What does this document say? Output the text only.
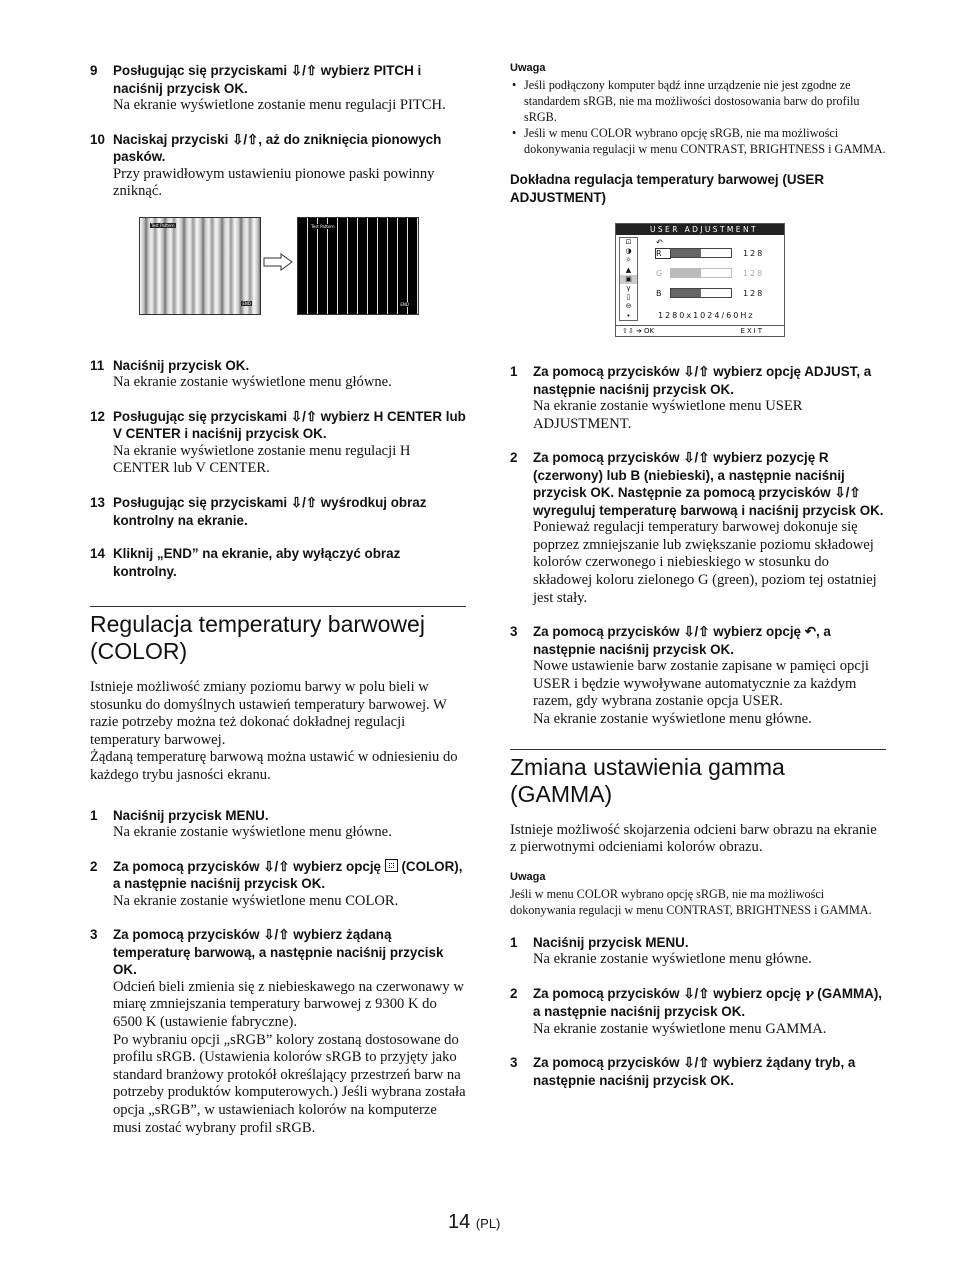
9	Posługując się przyciskami ⇩/⇧ wybierz PITCH i naciśnij przycisk OK.
Na ekranie wyświetlone zostanie menu regulacji PITCH.
10 Naciskaj przyciski ⇩/⇧, aż do zniknięcia pionowych pasków.
Przy prawidłowym ustawieniu pionowe paski powinny zniknąć.
Test Pattern
END
Test Pattern
END
11 Naciśnij przycisk OK.
Na ekranie zostanie wyświetlone menu główne.
12 Posługując się przyciskami ⇩/⇧ wybierz H CENTER lub V CENTER i naciśnij przycisk OK.
Na ekranie wyświetlone zostanie menu regulacji H CENTER lub V CENTER.
13 Posługując się przyciskami ⇩/⇧ wyśrodkuj obraz kontrolny na ekranie.
14 Kliknij „END” na ekranie, aby wyłączyć obraz kontrolny.
Regulacja temperatury barwowej (COLOR)
Istnieje możliwość zmiany poziomu barwy w polu bieli w stosunku do domyślnych ustawień temperatury barwowej. W razie potrzeby można też dokonać dokładnej regulacji temperatury barwowej.
Żądaną temperaturę barwową można ustawić w odniesieniu do każdego trybu jasności ekranu.
1	Naciśnij przycisk MENU.
Na ekranie zostanie wyświetlone menu główne.
2	Za pomocą przycisków ⇩/⇧ wybierz opcję  (COLOR), a następnie naciśnij przycisk OK.
Na ekranie zostanie wyświetlone menu COLOR.
3	Za pomocą przycisków ⇩/⇧ wybierz żądaną temperaturę barwową, a następnie naciśnij przycisk OK.
Odcień bieli zmienia się z niebieskawego na czerwonawy w miarę zmniejszania temperatury barwowej z 9300 K do 6500 K (ustawienie fabryczne).
Po wybraniu opcji „sRGB” kolory zostaną dostosowane do profilu sRGB. (Ustawienia kolorów sRGB to przyjęty jako standard branżowy protokół określający przestrzeń barw na potrzeby produktów komputerowych.) Jeśli wybrana została opcja „sRGB”, w ustawieniach kolorów na komputerze musi zostać wybrany profil sRGB.
Uwaga
• Jeśli podłączony komputer bądź inne urządzenie nie jest zgodne ze standardem sRGB, nie ma możliwości dostosowania barw do profilu sRGB.
• Jeśli w menu COLOR wybrano opcję sRGB, nie ma możliwości dokonywania regulacji w menu CONTRAST, BRIGHTNESS i GAMMA.
Dokładna regulacja temperatury barwowej (USER ADJUSTMENT)
USER ADJUSTMENT
⊡
◑
☼
▲
▣
γ
▯
⊖
•
↶
R	128
G	128
B	128
1280x1024/60Hz
⇧⇩ ➔ OK	EXIT
1	Za pomocą przycisków ⇩/⇧ wybierz opcję ADJUST, a następnie naciśnij przycisk OK.
Na ekranie zostanie wyświetlone menu USER ADJUSTMENT.
2	Za pomocą przycisków ⇩/⇧ wybierz pozycję R (czerwony) lub B (niebieski), a następnie naciśnij przycisk OK. Następnie za pomocą przycisków ⇩/⇧ wyreguluj temperaturę barwową i naciśnij przycisk OK.
Ponieważ regulacji temperatury barwowej dokonuje się poprzez zmniejszanie lub zwiększanie poziomu składowej kolorów czerwonego i niebieskiego w stosunku do składowej koloru zielonego G (green), poziom tej ostatniej jest stały.
3	Za pomocą przycisków ⇩/⇧ wybierz opcję ↶, a następnie naciśnij przycisk OK.
Nowe ustawienie barw zostanie zapisane w pamięci opcji USER i będzie wywoływane automatycznie za każdym razem, gdy wybrana zostanie opcja USER.
Na ekranie zostanie wyświetlone menu główne.
Zmiana ustawienia gamma (GAMMA)
Istnieje możliwość skojarzenia odcieni barw obrazu na ekranie z pierwotnymi odcieniami kolorów obrazu.
Uwaga
Jeśli w menu COLOR wybrano opcję sRGB, nie ma możliwości dokonywania regulacji w menu CONTRAST, BRIGHTNESS i GAMMA.
1	Naciśnij przycisk MENU.
Na ekranie zostanie wyświetlone menu główne.
2	Za pomocą przycisków ⇩/⇧ wybierz opcję γ (GAMMA), a następnie naciśnij przycisk OK.
Na ekranie zostanie wyświetlone menu GAMMA.
3	Za pomocą przycisków ⇩/⇧ wybierz żądany tryb, a następnie naciśnij przycisk OK.
14 (PL)
